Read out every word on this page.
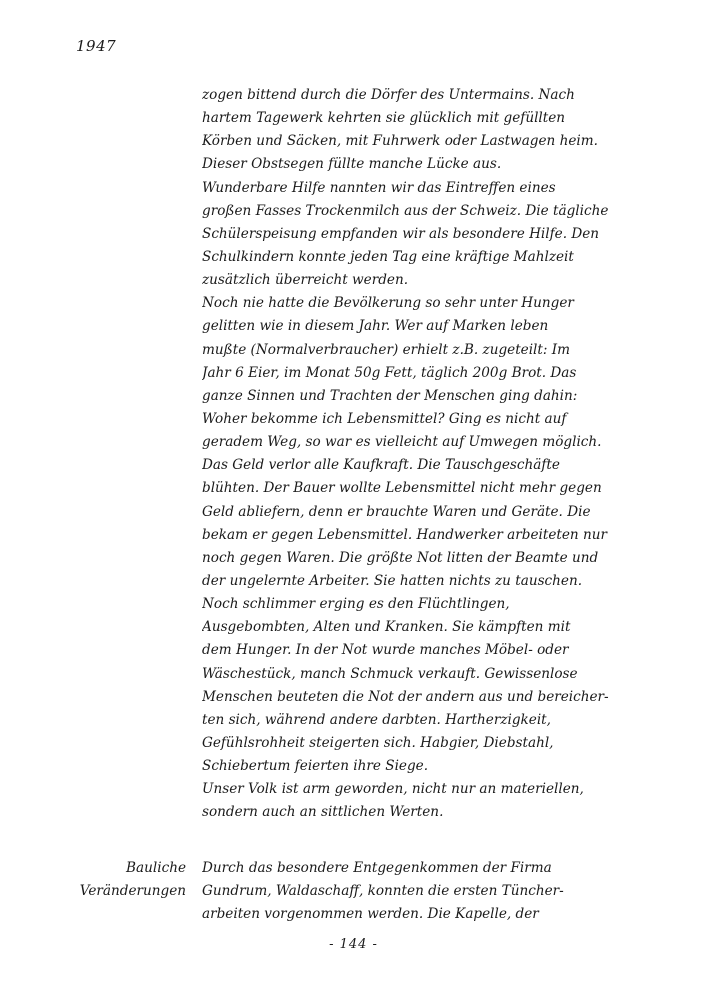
1947
zogen bittend durch die Dörfer des Untermains. Nach
hartem Tagewerk kehrten sie glücklich mit gefüllten
Körben und Säcken, mit Fuhrwerk oder Lastwagen heim.
Dieser Obstsegen füllte manche Lücke aus.
Wunderbare Hilfe nannten wir das Eintreffen eines
großen Fasses Trockenmilch aus der Schweiz. Die tägliche
Schülerspeisung empfanden wir als besondere Hilfe. Den
Schulkindern konnte jeden Tag eine kräftige Mahlzeit
zusätzlich überreicht werden.
Noch nie hatte die Bevölkerung so sehr unter Hunger
gelitten wie in diesem Jahr. Wer auf Marken leben
mußte (Normalverbraucher) erhielt z.B. zugeteilt: Im
Jahr 6 Eier, im Monat 50g Fett, täglich 200g Brot. Das
ganze Sinnen und Trachten der Menschen ging dahin:
Woher bekomme ich Lebensmittel? Ging es nicht auf
geradem Weg, so war es vielleicht auf Umwegen möglich.
Das Geld verlor alle Kaufkraft. Die Tauschgeschäfte
blühten. Der Bauer wollte Lebensmittel nicht mehr gegen
Geld abliefern, denn er brauchte Waren und Geräte. Die
bekam er gegen Lebensmittel. Handwerker arbeiteten nur
noch gegen Waren. Die größte Not litten der Beamte und
der ungelernte Arbeiter. Sie hatten nichts zu tauschen.
Noch schlimmer erging es den Flüchtlingen,
Ausgebombten, Alten und Kranken. Sie kämpften mit
dem Hunger. In der Not wurde manches Möbel- oder
Wäschestück, manch Schmuck verkauft. Gewissenlose
Menschen beuteten die Not der andern aus und bereicher-
ten sich, während andere darbten. Hartherzigkeit,
Gefühlsrohheit steigerten sich. Habgier, Diebstahl,
Schiebertum feierten ihre Siege.
Unser Volk ist arm geworden, nicht nur an materiellen,
sondern auch an sittlichen Werten.
Bauliche
Veränderungen
Durch das besondere Entgegenkommen der Firma
Gundrum, Waldaschaff, konnten die ersten Tüncher-
arbeiten vorgenommen werden. Die Kapelle, der
- 144 -
